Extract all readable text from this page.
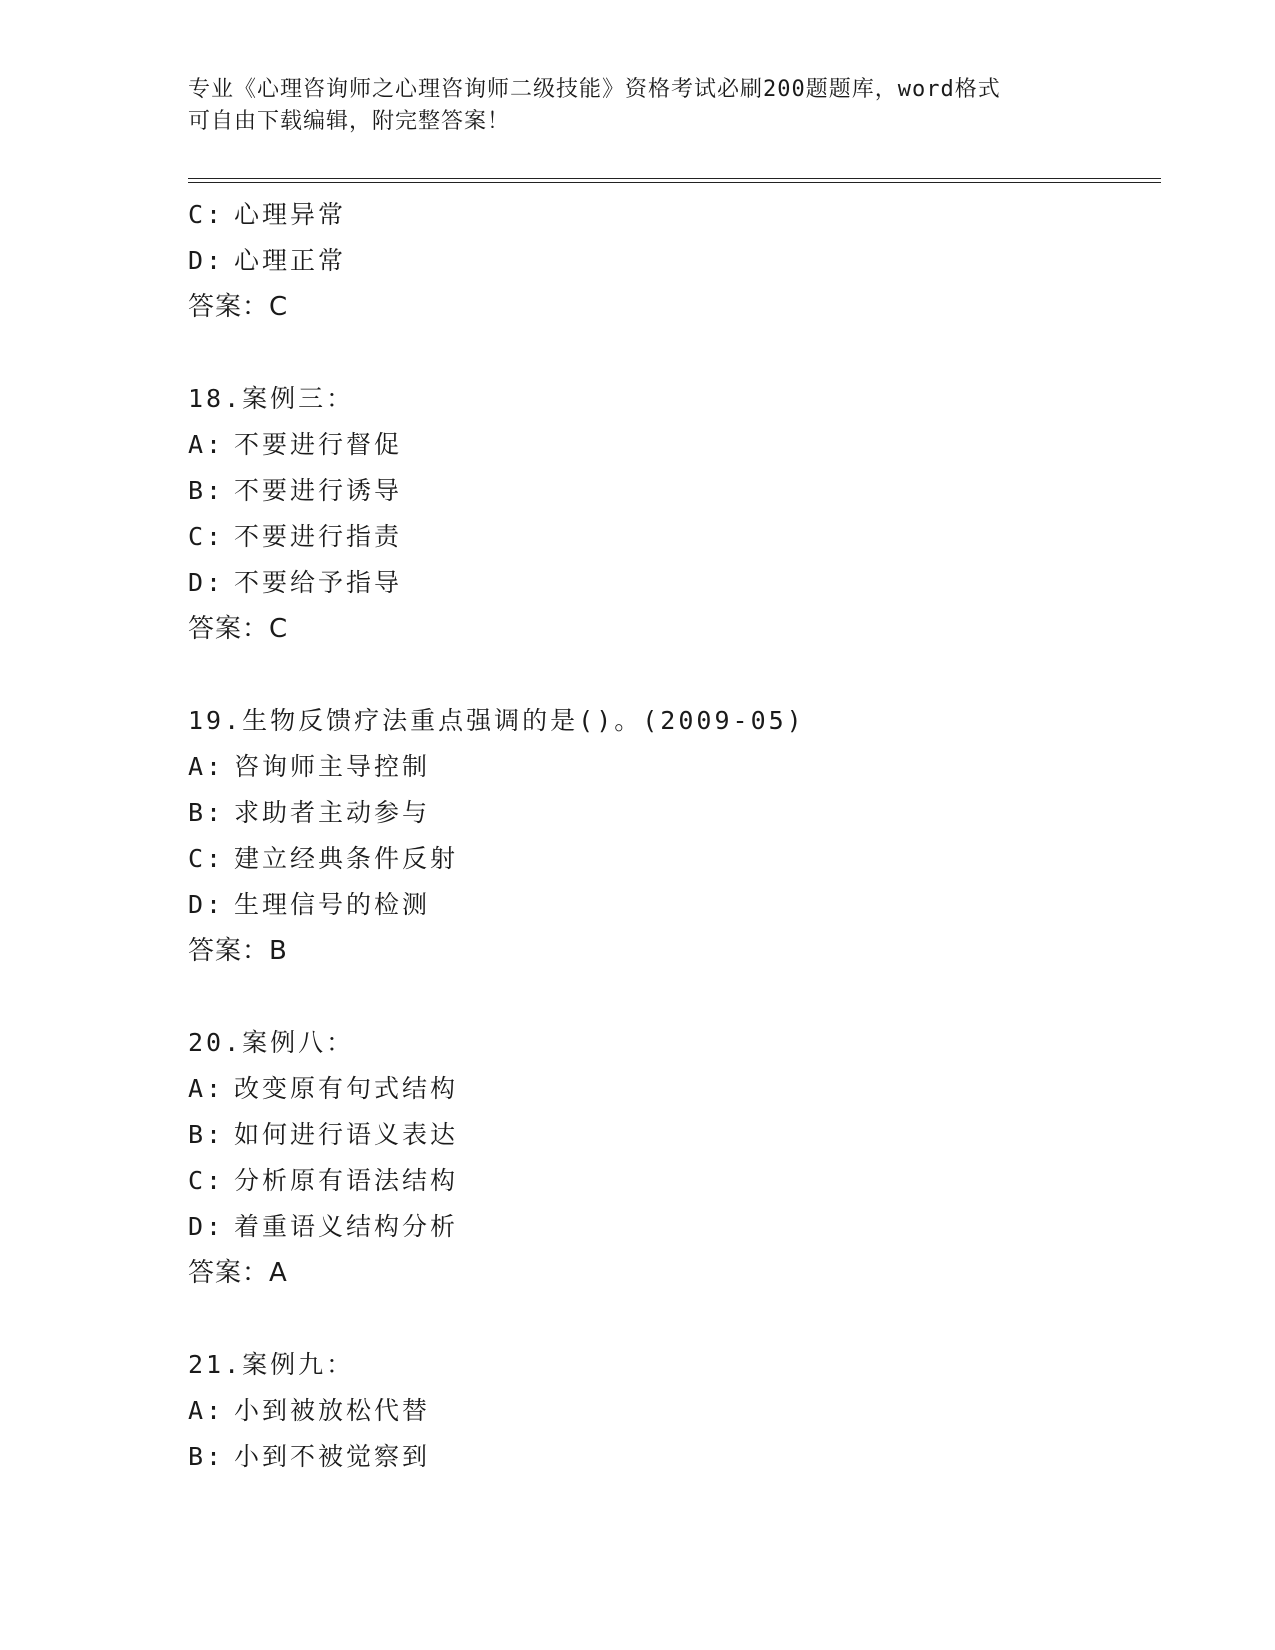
专业《心理咨询师之心理咨询师二级技能》资格考试必刷200题题库，word格式
可自由下载编辑，附完整答案！
C: 心理异常
D: 心理正常
答案：C
18.案例三：
A: 不要进行督促
B: 不要进行诱导
C: 不要进行指责
D: 不要给予指导
答案：C
19.生物反馈疗法重点强调的是()。(2009-05)
A: 咨询师主导控制
B: 求助者主动参与
C: 建立经典条件反射
D: 生理信号的检测
答案：B
20.案例八：
A: 改变原有句式结构
B: 如何进行语义表达
C: 分析原有语法结构
D: 着重语义结构分析
答案：A
21.案例九：
A: 小到被放松代替
B: 小到不被觉察到
